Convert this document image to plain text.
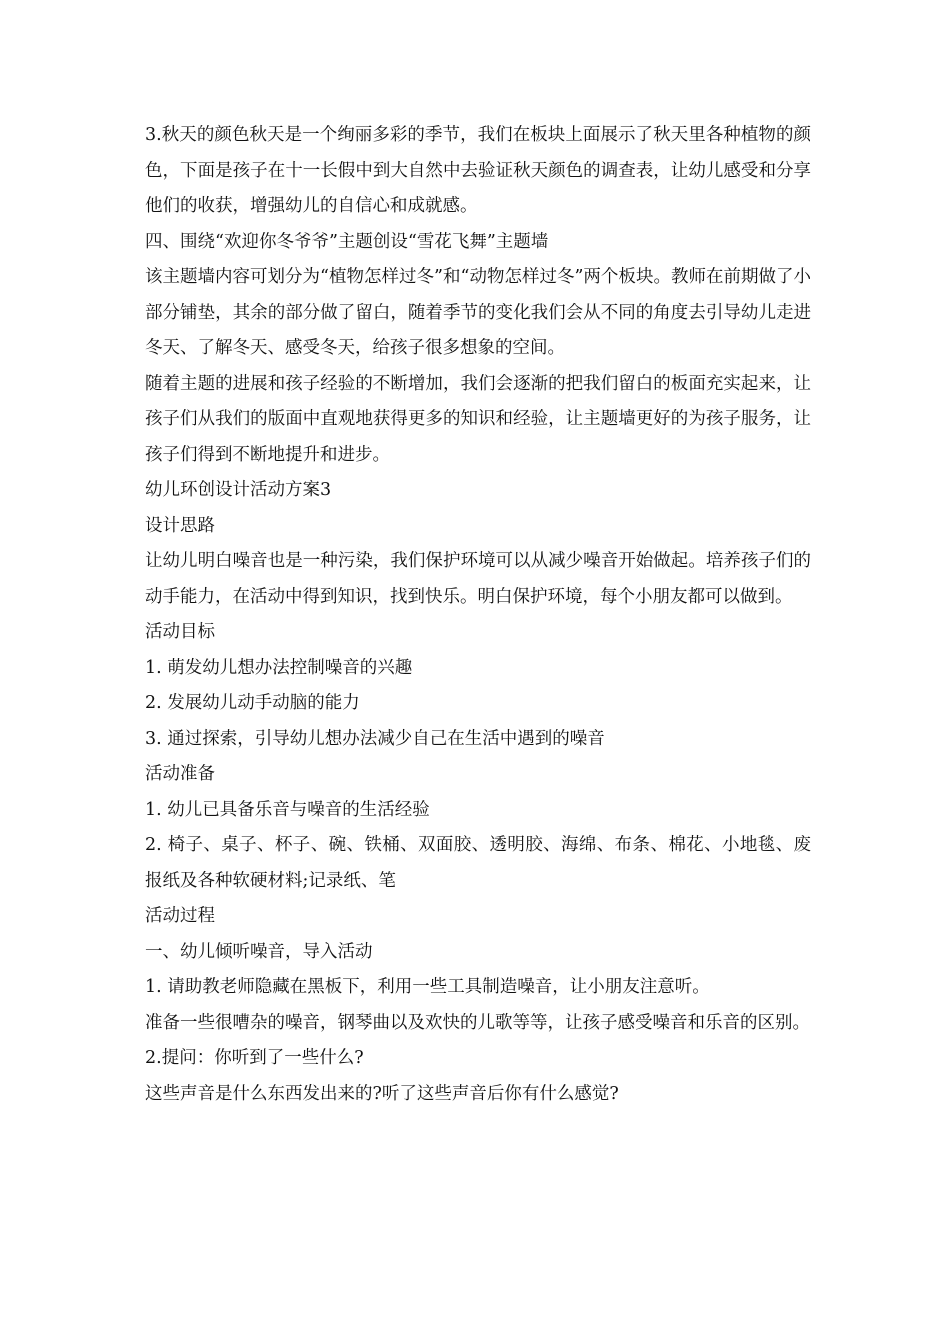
3.秋天的颜色秋天是一个绚丽多彩的季节，我们在板块上面展示了秋天里各种植物的颜色，下面是孩子在十一长假中到大自然中去验证秋天颜色的调查表，让幼儿感受和分享他们的收获，增强幼儿的自信心和成就感。

四、围绕“欢迎你冬爷爷”主题创设“雪花飞舞”主题墙

该主题墙内容可划分为“植物怎样过冬”和“动物怎样过冬”两个板块。教师在前期做了小部分铺垫，其余的部分做了留白，随着季节的变化我们会从不同的角度去引导幼儿走进冬天、了解冬天、感受冬天，给孩子很多想象的空间。

随着主题的进展和孩子经验的不断增加，我们会逐渐的把我们留白的板面充实起来，让孩子们从我们的版面中直观地获得更多的知识和经验，让主题墙更好的为孩子服务，让孩子们得到不断地提升和进步。

幼儿环创设计活动方案3

设计思路

让幼儿明白噪音也是一种污染，我们保护环境可以从减少噪音开始做起。培养孩子们的动手能力，在活动中得到知识，找到快乐。明白保护环境，每个小朋友都可以做到。

活动目标

1. 萌发幼儿想办法控制噪音的兴趣

2. 发展幼儿动手动脑的能力

3. 通过探索，引导幼儿想办法减少自己在生活中遇到的噪音

活动准备

1. 幼儿已具备乐音与噪音的生活经验

2. 椅子、桌子、杯子、碗、铁桶、双面胶、透明胶、海绵、布条、棉花、小地毯、废报纸及各种软硬材料;记录纸、笔

活动过程

一、幼儿倾听噪音，导入活动

1. 请助教老师隐藏在黑板下，利用一些工具制造噪音，让小朋友注意听。

准备一些很嘈杂的噪音，钢琴曲以及欢快的儿歌等等，让孩子感受噪音和乐音的区别。

2.提问：你听到了一些什么?

这些声音是什么东西发出来的?听了这些声音后你有什么感觉?
